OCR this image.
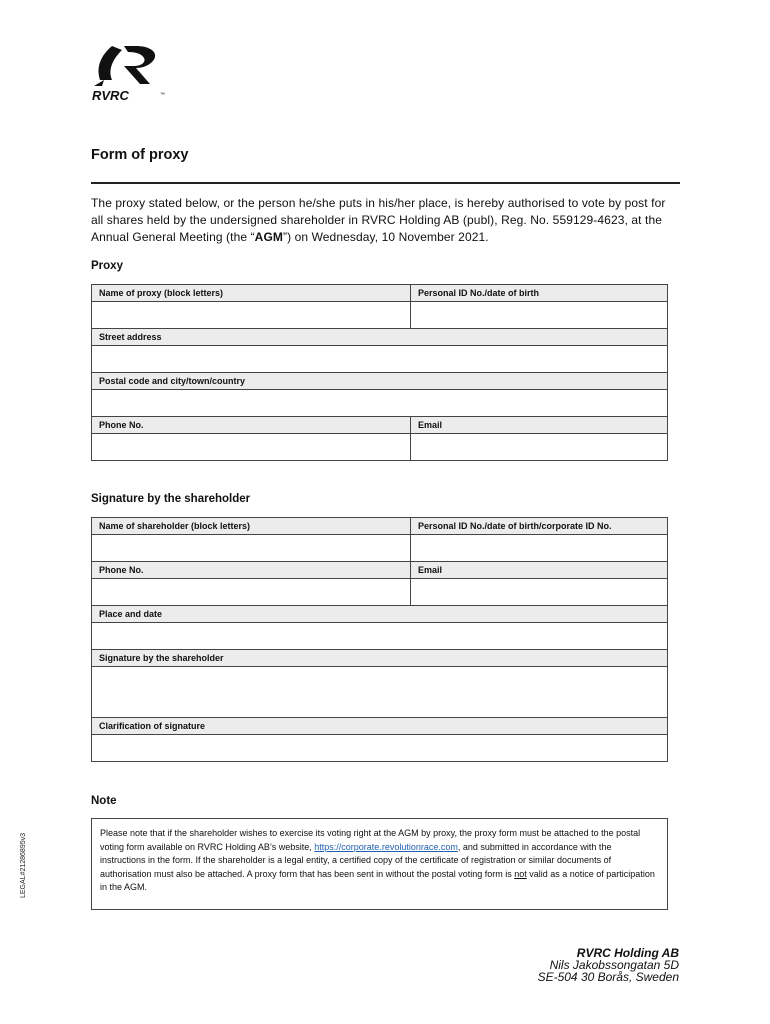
RVRC	™
Form of proxy
The proxy stated below, or the person he/she puts in his/her place, is hereby authorised to vote by post for all shares held by the undersigned shareholder in RVRC Holding AB (publ), Reg. No. 559129-4623, at the Annual General Meeting (the “AGM”) on Wednesday, 10 November 2021.
Proxy
Name of proxy (block letters)	Personal ID No./date of birth

Street address	

Postal code and city/town/country	

Phone No.	Email

Signature by the shareholder
Name of shareholder (block letters)	Personal ID No./date of birth/corporate ID No.

Phone No.	Email

Place and date	

Signature by the shareholder	

Clarification of signature	

Note
Please note that if the shareholder wishes to exercise its voting right at the AGM by proxy, the proxy form must be attached to the postal voting form available on RVRC Holding AB’s website, https://corporate.revolutionrace.com, and submitted in accordance with the instructions in the form. If the shareholder is a legal entity, a certified copy of the certificate of registration or similar documents of authorisation must also be attached. A proxy form that has been sent in without the postal voting form is not valid as a notice of participation in the AGM.
LEGAL#21286895v3
RVRC Holding AB
Nils Jakobssongatan 5D
SE-504 30 Borås, Sweden
